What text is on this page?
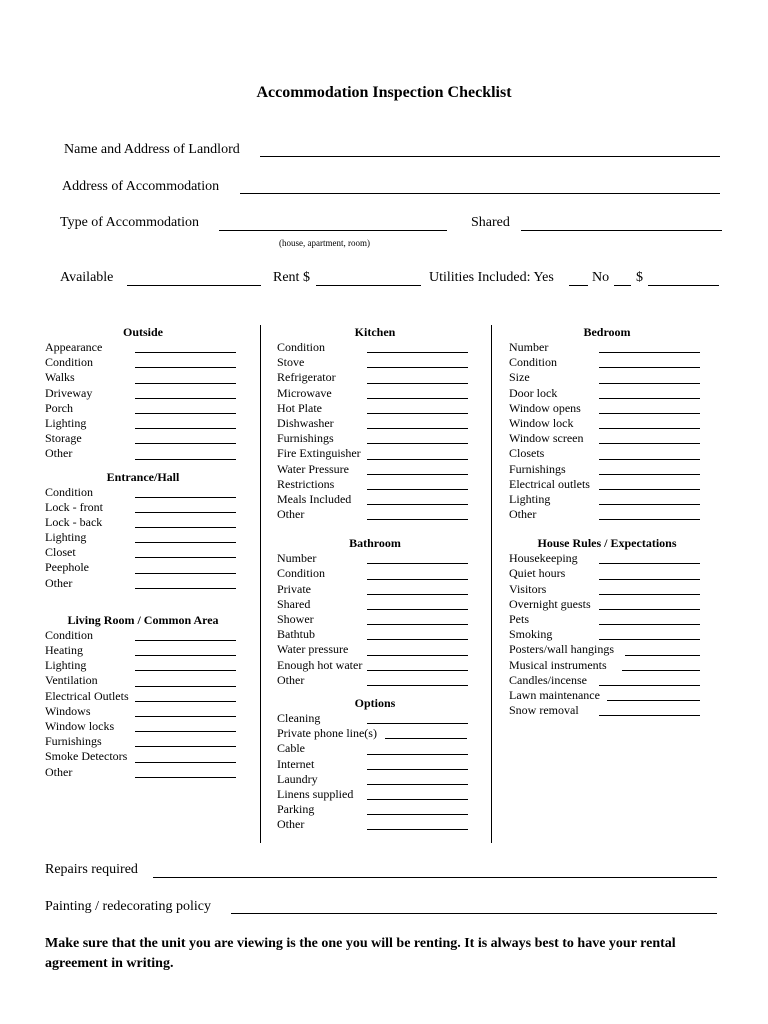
Accommodation Inspection Checklist
Name and Address of Landlord
Address of Accommodation
Type of Accommodation
(house, apartment, room)
Shared
Available	Rent $	Utilities Included: Yes	No $
Outside
Appearance
Condition
Walks
Driveway
Porch
Lighting
Storage
Other
Entrance/Hall
Condition
Lock - front
Lock - back
Lighting
Closet
Peephole
Other
Living Room / Common Area
Condition
Heating
Lighting
Ventilation
Electrical Outlets
Windows
Window locks
Furnishings
Smoke Detectors
Other
Kitchen
Condition
Stove
Refrigerator
Microwave
Hot Plate
Dishwasher
Furnishings
Fire Extinguisher
Water Pressure
Restrictions
Meals Included
Other
Bathroom
Number
Condition
Private
Shared
Shower
Bathtub
Water pressure
Enough hot water
Other
Options
Cleaning
Private phone line(s)
Cable
Internet
Laundry
Linens supplied
Parking
Other
Bedroom
Number
Condition
Size
Door lock
Window opens
Window lock
Window screen
Closets
Furnishings
Electrical outlets
Lighting
Other
House Rules / Expectations
Housekeeping
Quiet hours
Visitors
Overnight guests
Pets
Smoking
Posters/wall hangings
Musical instruments
Candles/incense
Lawn maintenance
Snow removal
Repairs required
Painting / redecorating policy
Make sure that the unit you are viewing is the one you will be renting. It is always best to have your rental agreement in writing.
